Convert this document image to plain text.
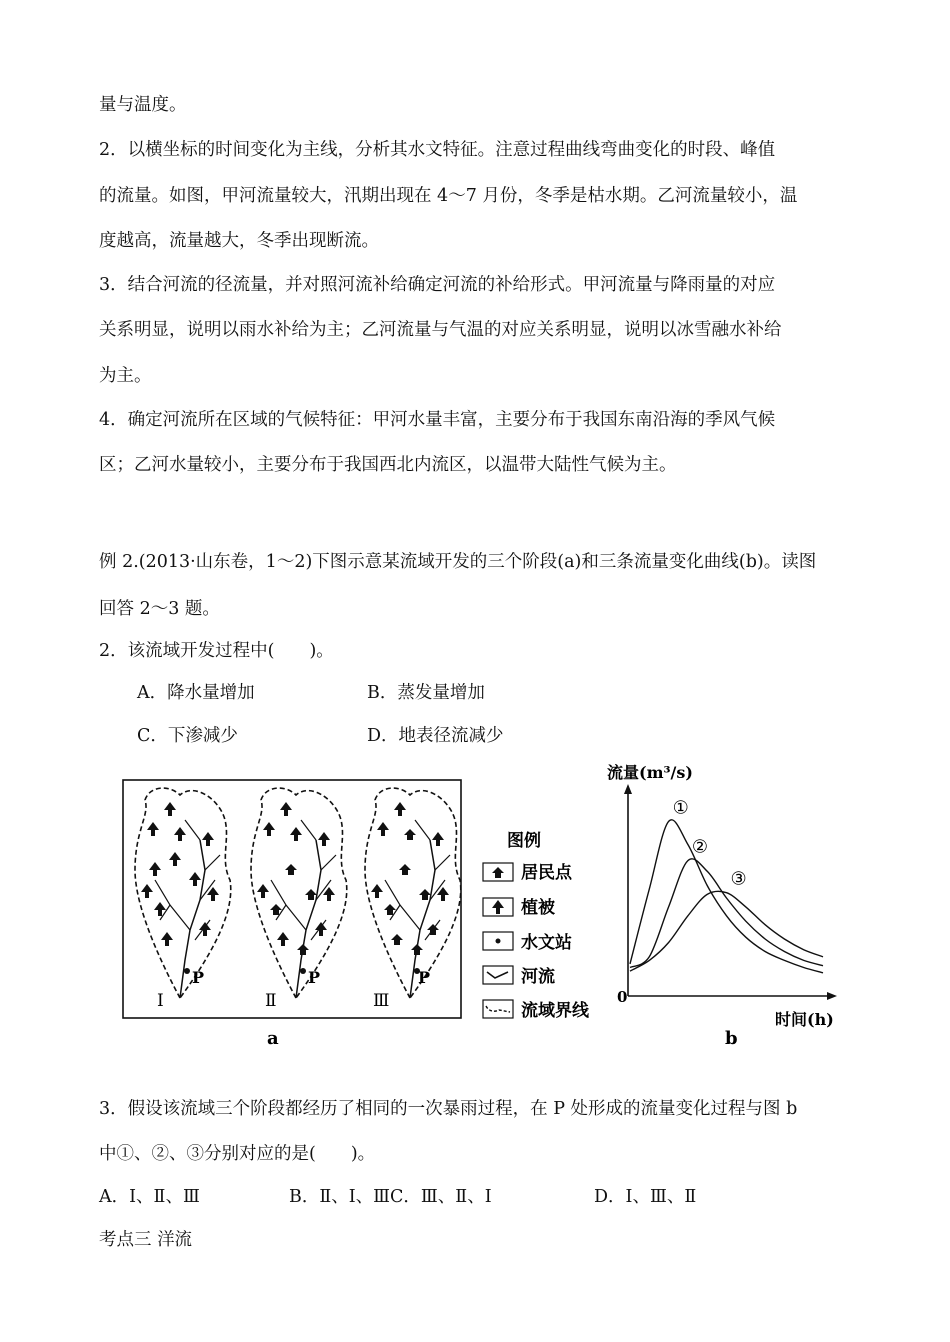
量与温度。
2．以横坐标的时间变化为主线，分析其水文特征。注意过程曲线弯曲变化的时段、峰值
的流量。如图，甲河流量较大，汛期出现在 4～7 月份，冬季是枯水期。乙河流量较小，温
度越高，流量越大，冬季出现断流。
3．结合河流的径流量，并对照河流补给确定河流的补给形式。甲河流量与降雨量的对应
关系明显，说明以雨水补给为主；乙河流量与气温的对应关系明显，说明以冰雪融水补给
为主。
4．确定河流所在区域的气候特征：甲河水量丰富，主要分布于我国东南沿海的季风气候
区；乙河水量较小，主要分布于我国西北内流区，以温带大陆性气候为主。
例 2.(2013·山东卷，1～2)下图示意某流域开发的三个阶段(a)和三条流量变化曲线(b)。读图
回答 2～3 题。
2．该流域开发过程中(　　)。
A．降水量增加	B．蒸发量增加
C．下渗减少	D．地表径流减少
P
Ⅰ
P
Ⅱ
P
Ⅲ
a
图例
居民点
植被
水文站
河流
流域界线
流量(m³/s)
时间(h)
0
b
①
②
③
3．假设该流域三个阶段都经历了相同的一次暴雨过程，在 P 处形成的流量变化过程与图 b
中①、②、③分别对应的是(　　)。
A．Ⅰ、Ⅱ、Ⅲ	B．Ⅱ、Ⅰ、ⅢC．Ⅲ、Ⅱ、Ⅰ	D．Ⅰ、Ⅲ、Ⅱ
考点三 洋流
